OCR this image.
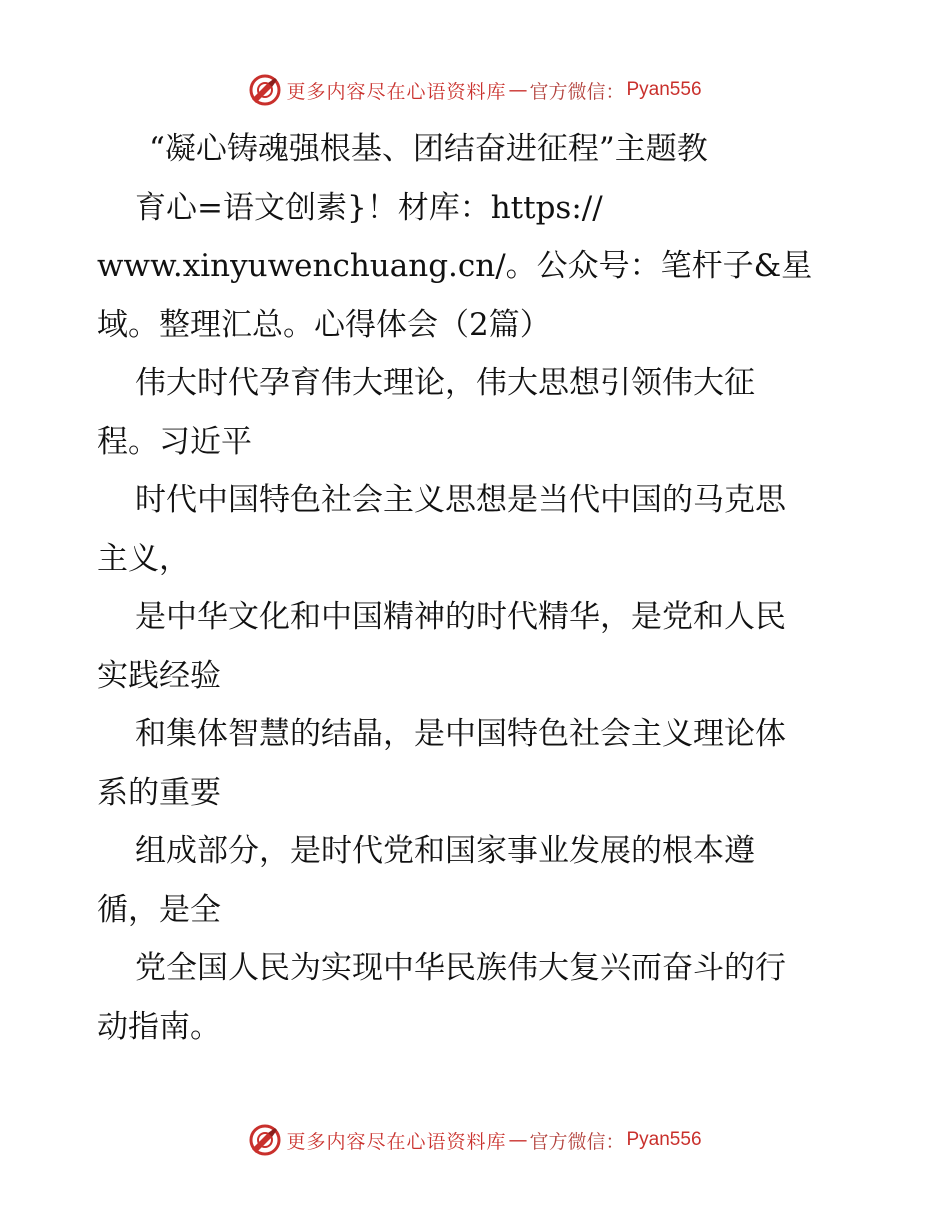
更多内容尽在心语资料库 — 官方微信： Pyan556
“凝心铸魂强根基、团结奋进征程”主题教
育心=语文创素}！材库：https://
www.xinyuwenchuang.cn/。公众号：笔杆子&星
域。整理汇总。心得体会（2篇）
伟大时代孕育伟大理论，伟大思想引领伟大征
程。习近平
时代中国特色社会主义思想是当代中国的马克思
主义，
是中华文化和中国精神的时代精华，是党和人民
实践经验
和集体智慧的结晶，是中国特色社会主义理论体
系的重要
组成部分，是时代党和国家事业发展的根本遵
循，是全
党全国人民为实现中华民族伟大复兴而奋斗的行
动指南。
更多内容尽在心语资料库 — 官方微信： Pyan556
